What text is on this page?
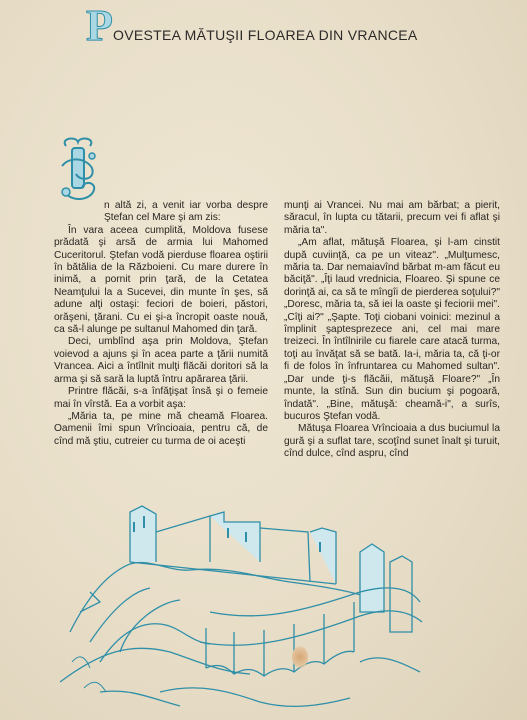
P OVESTEA MĂTUŞII FLOAREA DIN VRANCEA

n altă zi, a venit iar vorba despre Ştefan cel Mare şi am zis:

În vara aceea cumplită, Moldova fusese prădată şi arsă de armia lui Mahomed Cuceritorul. Ştefan vodă pierduse floarea oştirii în bătălia de la Războieni. Cu mare durere în inimă, a pornit prin ţară, de la Cetatea Neamţului la a Sucevei, din munte în şes, să adune alţi ostaşi: feciori de boieri, păstori, orăşeni, ţărani. Cu ei şi-a încropit oaste nouă, ca să-l alunge pe sultanul Mahomed din ţară.

Deci, umblînd aşa prin Moldova, Ştefan voievod a ajuns şi în acea parte a ţării numită Vrancea. Aici a întîlnit mulţi flăcăi doritori să la arma şi să sară la luptă întru apărarea ţării.

Printre flăcăi, s-a înfăţişat însă şi o femeie mai în vîrstă. Ea a vorbit aşa:

„Măria ta, pe mine mă cheamă Floarea. Oamenii îmi spun Vrîncioaia, pentru că, de cînd mă ştiu, cutreier cu turma de oi aceşti

munţi ai Vrancei. Nu mai am bărbat; a pierit, săracul, în lupta cu tătarii, precum vei fi aflat şi măria ta".

„Am aflat, mătuşă Floarea, şi l-am cinstit după cuviinţă, ca pe un viteaz". „Mulţumesc, măria ta. Dar nemaiavînd bărbat m-am făcut eu băciţă". „Îţi laud vrednicia, Floareo. Şi spune ce dorinţă ai, ca să te mîngîi de pierderea soţului?" „Doresc, măria ta, să iei la oaste şi feciorii mei". „Cîţi ai?" „Şapte. Toţi ciobani voinici: mezinul a împlinit şaptesprezece ani, cel mai mare treizeci. În întîlnirile cu fiarele care atacă turma, toţi au învăţat să se bată. Ia-i, măria ta, că ţi-or fi de folos în înfruntarea cu Mahomed sultan". „Dar unde ţi-s flăcăii, mătuşă Floare?" „În munte, la stînă. Sun din bucium şi pogoară, îndată". „Bine, mătuşă: cheamă-i", a surîs, bucuros Ştefan vodă.

Mătuşa Floarea Vrîncioaia a dus buciumul la gură şi a suflat tare, scoţînd sunet înalt şi turuit, cînd dulce, cînd aspru, cînd
